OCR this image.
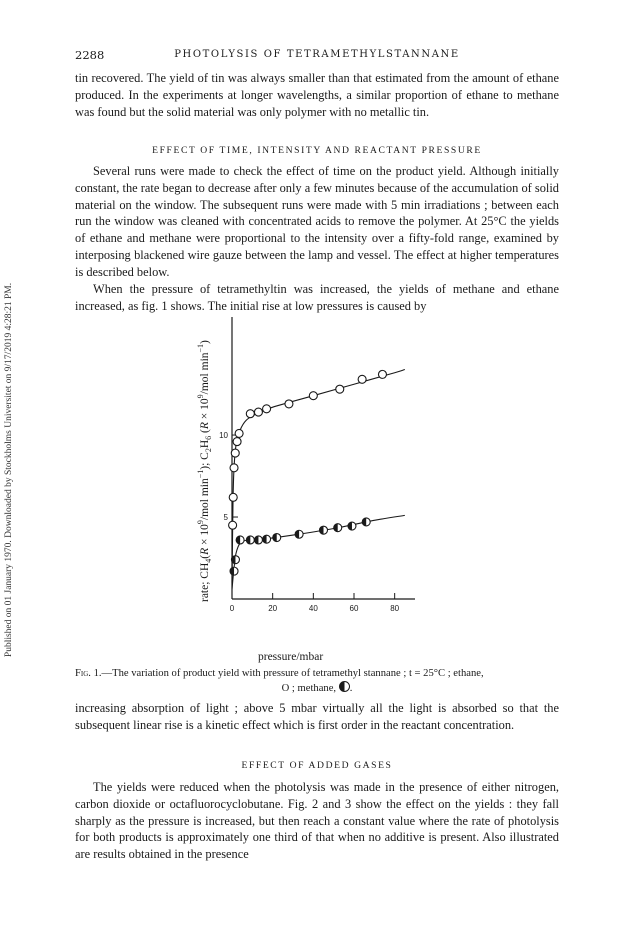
Published on 01 January 1970. Downloaded by Stockholms Universitet on 9/17/2019 4:28:21 PM.
2288	PHOTOLYSIS OF TETRAMETHYLSTANNANE

tin recovered. The yield of tin was always smaller than that estimated from the amount of ethane produced. In the experiments at longer wavelengths, a similar proportion of ethane to methane was found but the solid material was only polymer with no metallic tin.

EFFECT OF TIME, INTENSITY AND REACTANT PRESSURE

Several runs were made to check the effect of time on the product yield. Although initially constant, the rate began to decrease after only a few minutes because of the accumulation of solid material on the window. The subsequent runs were made with 5 min irradiations ; between each run the window was cleaned with concentrated acids to remove the polymer. At 25°C the yields of ethane and methane were proportional to the intensity over a fifty-fold range, examined by interposing blackened wire gauze between the lamp and vessel. The effect at higher temperatures is described below.

When the pressure of tetramethyltin was increased, the yields of methane and ethane increased, as fig. 1 shows. The initial rise at low pressures is caused by

0	20	40	60	80
5
10
rate; $CH_4(R \times 10^9/mol$ $\min^{-1}$); $C_2H_6$ ($R \times 10^9$/mol $\min^{-1}$)
pressure/mbar
Fig. 1.—The variation of product yield with pressure of tetramethyl stannane ; t = 25°C ; ethane,
O ; methane, .

increasing absorption of light ; above 5 mbar virtually all the light is absorbed so that the subsequent linear rise is a kinetic effect which is first order in the reactant concentration.

EFFECT OF ADDED GASES

The yields were reduced when the photolysis was made in the presence of either nitrogen, carbon dioxide or octafluorocyclobutane. Fig. 2 and 3 show the effect on the yields : they fall sharply as the pressure is increased, but then reach a constant value where the rate of photolysis for both products is approximately one third of that when no additive is present. Also illustrated are results obtained in the presence
